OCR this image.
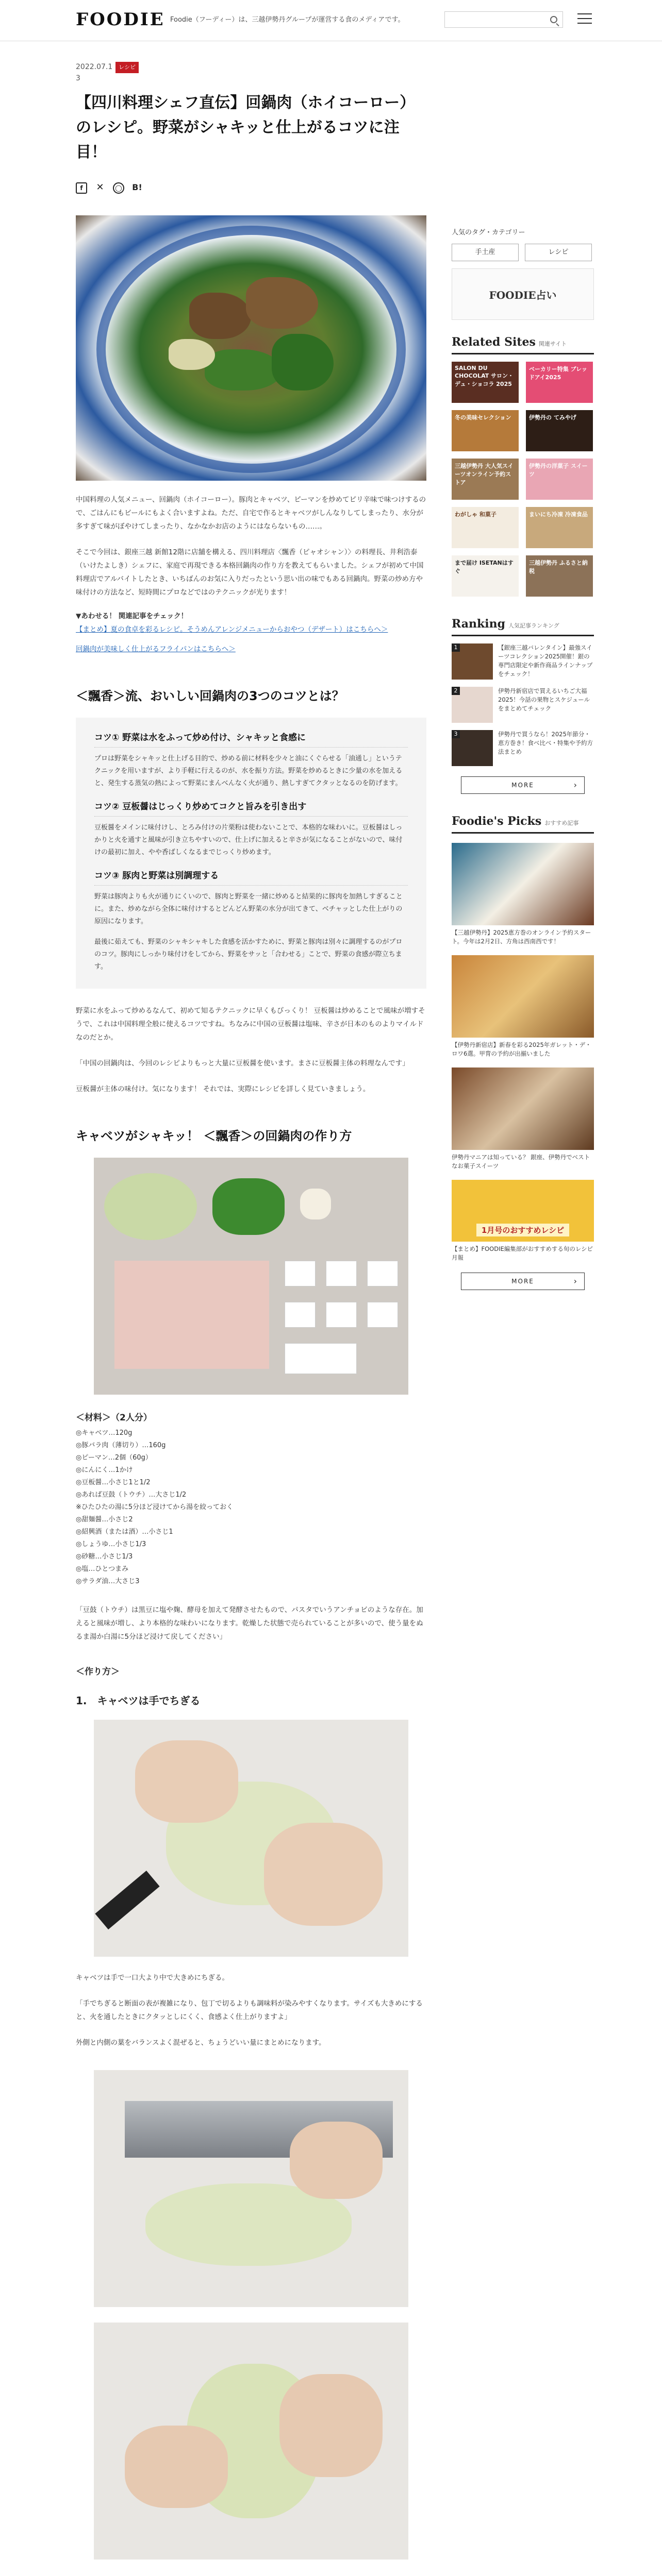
FOODIE Foodie（フーディー）は、三越伊勢丹グループが運営する食のメディアです。
2022.07.1 レシピ
3
【四川料理シェフ直伝】回鍋肉（ホイコーロー）のレシピ。野菜がシャキッと仕上がるコツに注目！
f ✕ ◯ B!

中国料理の人気メニュー、回鍋肉（ホイコーロー）。豚肉とキャベツ、ピーマンを炒めてピリ辛味で味つけするので、ごはんにもビールにもよく合いますよね。ただ、自宅で作るとキャベツがしんなりしてしまったり、水分が多すぎて味がぼやけてしまったり、なかなかお店のようにはならないもの……。

そこで今回は、銀座三越 新館12階に店舗を構える、四川料理店〈飄香（ピャオシャン）〉の料理長、井利浩泰（いけたよしき）シェフに、家庭で再現できる本格回鍋肉の作り方を教えてもらいました。シェフが初めて中国料理店でアルバイトしたとき、いちばんのお気に入りだったという思い出の味でもある回鍋肉。野菜の炒め方や味付けの方法など、短時間にプロなどではのテクニックが光ります！

▼あわせる！ 関連記事をチェック！

【まとめ】夏の食卓を彩るレシピ。そうめんアレンジメニューからおやつ（デザート）はこちらへ＞
回鍋肉が美味しく仕上がるフライパンはこちらへ＞
＜飄香＞流、おいしい回鍋肉の3つのコツとは？
コツ① 野菜は水をふって炒め付け、シャキッと食感に

プロは野菜をシャキッと仕上げる目的で、炒める前に材料を少々と油にくぐらせる「油通し」というテクニックを用いますが、より手軽に行えるのが、水を振り方法。野菜を炒めるときに少量の水を加えると、発生する蒸気の熱によって野菜にまんべんなく火が通り、熱しすぎてクタッとなるのを防げます。

コツ② 豆板醤はじっくり炒めてコクと旨みを引き出す

豆板醤をメインに味付けし、とろみ付けの片栗粉は使わないことで、本格的な味わいに。豆板醤はしっかりと火を通すと風味が引き立ちやすいので、仕上げに加えると辛さが気になることがないので、味付けの最初に加え、やや香ばしくなるまでじっくり炒めます。

コツ③ 豚肉と野菜は別調理する

野菜は豚肉よりも火が通りにくいので、豚肉と野菜を一緒に炒めると結果的に豚肉を加熱しすぎることに。また、炒めながら全体に味付けするとどんどん野菜の水分が出てきて、ベチャッとした仕上がりの原因になります。

最後に茹えても、野菜のシャキシャキした食感を活かすために、野菜と豚肉は別々に調理するのがプロのコツ。豚肉にしっかり味付けをしてから、野菜をサッと「合わせる」ことで、野菜の食感が際立ちます。

野菜に水をふって炒めるなんて、初めて知るテクニックに早くもびっくり！ 豆板醤は炒めることで風味が増すそうで、これは中国料理全般に使えるコツですね。ちなみに中国の豆板醤は塩味、辛さが日本のものよりマイルドなのだとか。

「中国の回鍋肉は、今回のレシピよりもっと大量に豆板醤を使います。まさに豆板醤主体の料理なんです」

豆板醤が主体の味付け。気になります！ それでは、実際にレシピを詳しく見ていきましょう。

キャベツがシャキッ！ ＜飄香＞の回鍋肉の作り方
＜材料＞（2人分）
◎キャベツ…120g
◎豚バラ肉（薄切り）…160g
◎ピーマン…2個（60g）
◎にんにく…1かけ
◎豆板醤…小さじ1と1/2
◎あれば豆鼓（トウチ）…大さじ1/2
※ひたひたの湯に5分ほど浸けてから湯を絞っておく
◎甜麺醤…小さじ2
◎紹興酒（または酒）…小さじ1
◎しょうゆ…小さじ1/3
◎砂糖…小さじ1/3
◎塩…ひとつまみ
◎サラダ油…大さじ3

「豆鼓（トウチ）は黒豆に塩や麹、酵母を加えて発酵させたもので、パスタでいうアンチョビのような存在。加えると風味が増し、より本格的な味わいになります。乾燥した状態で売られていることが多いので、使う量をぬるま湯か白湯に5分ほど浸けて戻してください」

＜作り方＞
1.　キャベツは手でちぎる

キャベツは手で一口大より中で大きめにちぎる。

「手でちぎると断面の表が複雑になり、包丁で切るよりも調味料が染みやすくなります。サイズも大きめにすると、火を通したときにクタッとしにくく、食感よく仕上がりますよ」

外側と内側の葉をバランスよく混ぜると、ちょうどいい量にまとめになります。

人気のタグ・カテゴリー
手土産	レシピ
FOODIE占い
Related Sites 関連サイト
SALON DU CHOCOLAT サロン・デュ・ショコラ 2025
ベーカリー特集 ブレッドアイ2025
冬の美味セレクション	伊勢丹の てみやげ
三越伊勢丹 大人気スイーツオンライン予約ストア
伊勢丹の洋菓子 スイーツ
わがしゃ 和菓子	まいにち冷凍 冷凍食品
まで届け ISETANはすぐ
三越伊勢丹 ふるさと納税
Ranking 人気記事ランキング
1	【銀座三越バレンタイン】最強スイーツコレクション2025開催！銀の専門店限定や新作商品ラインナップをチェック！
2	伊勢丹新宿店で買えるいちご大福2025！今話の果物とスケジュールをまとめてチェック
3	伊勢丹で買うなら！2025年節分・恵方巻き！食べ比べ・特集や予約方法まとめ
MORE ›
Foodie's Picks おすすめ記事
【三越伊勢丹】2025恵方巻のオンライン予約スタート。今年は2月2日、方角は西南西です！
【伊勢丹新宿店】新春を彩る2025年ガレット・デ・ロワ6選。甲冑の予約が出揃いました
伊勢丹マニアは知っている？ 銀座、伊勢丹でベストなお菓子スイーツ
1月号のおすすめレシピ
【まとめ】FOODIE編集部がおすすめする旬のレシピ月報
MORE ›
